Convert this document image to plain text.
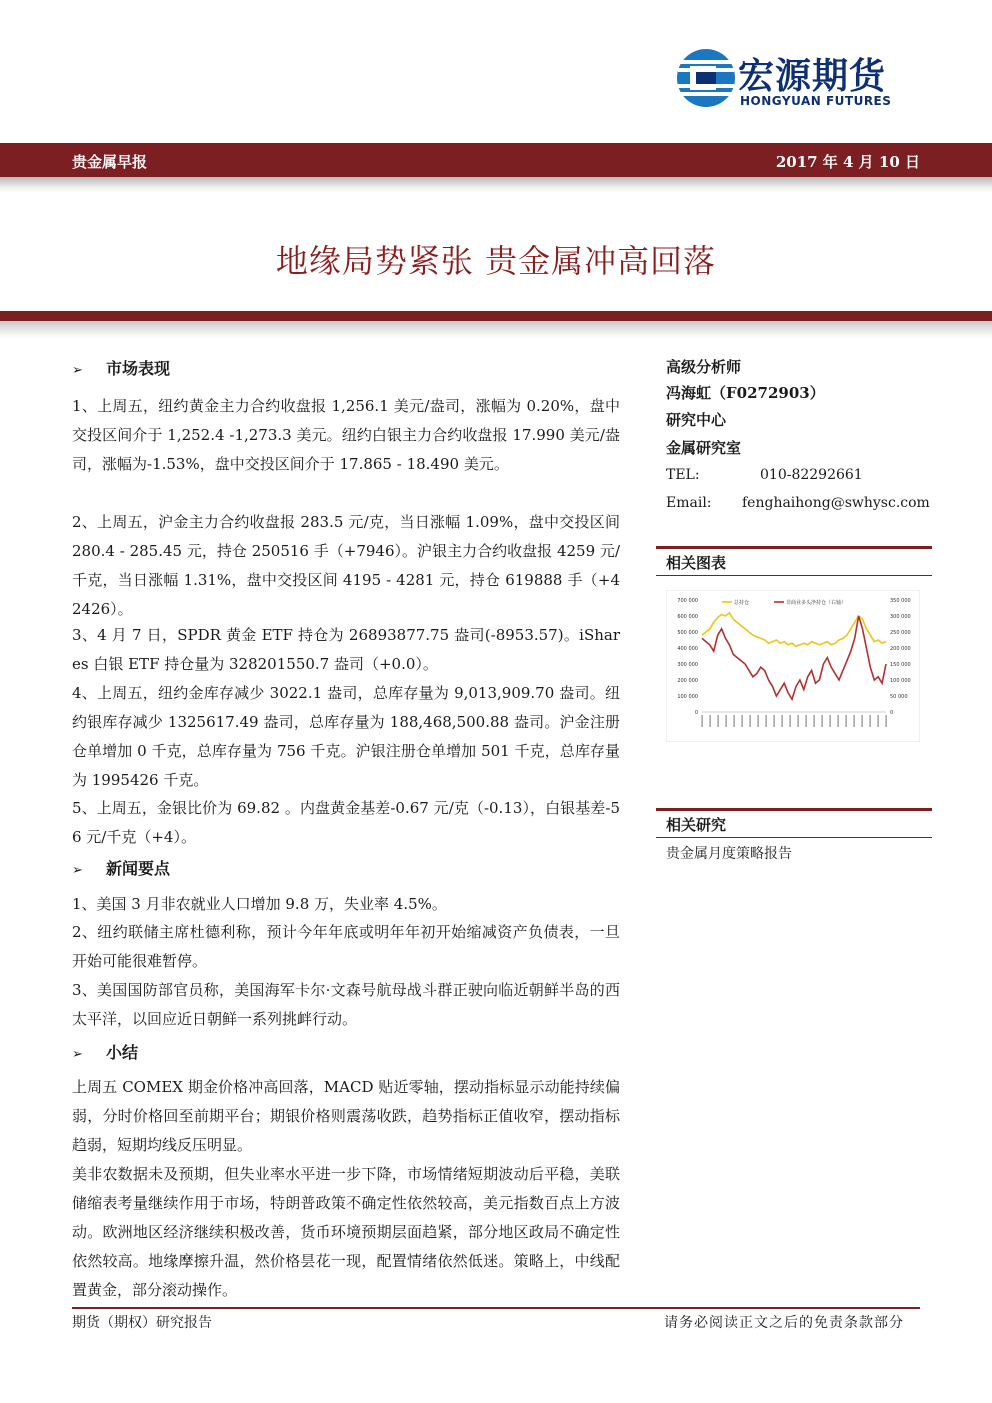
宏源期货
HONGYUAN FUTURES
贵金属早报	2017 年 4 月 10 日
地缘局势紧张 贵金属冲高回落
➢ 市场表现
1、上周五，纽约黄金主力合约收盘报 1,256.1 美元/盎司，涨幅为 0.20%，盘中交投区间介于 1,252.4 -1,273.3 美元。纽约白银主力合约收盘报 17.990 美元/盎司，涨幅为-1.53%，盘中交投区间介于 17.865 - 18.490 美元。
2、上周五，沪金主力合约收盘报 283.5 元/克，当日涨幅 1.09%，盘中交投区间 280.4 - 285.45 元，持仓 250516 手（+7946）。沪银主力合约收盘报 4259 元/千克，当日涨幅 1.31%，盘中交投区间 4195 - 4281 元，持仓 619888 手（+42426）。
3、4 月 7 日，SPDR 黄金 ETF 持仓为 26893877.75 盎司(-8953.57)。iShares 白银 ETF 持仓量为 328201550.7 盎司（+0.0）。
4、上周五，纽约金库存减少 3022.1 盎司，总库存量为 9,013,909.70 盎司。纽约银库存减少 1325617.49 盎司，总库存量为 188,468,500.88 盎司。沪金注册仓单增加 0 千克，总库存量为 756 千克。沪银注册仓单增加 501 千克，总库存量为 1995426 千克。
5、上周五，金银比价为 69.82 。内盘黄金基差-0.67 元/克（-0.13），白银基差-56 元/千克（+4）。
➢ 新闻要点
1、美国 3 月非农就业人口增加 9.8 万，失业率 4.5%。
2、纽约联储主席杜德利称，预计今年年底或明年年初开始缩减资产负债表，一旦开始可能很难暂停。
3、美国国防部官员称，美国海军卡尔·文森号航母战斗群正驶向临近朝鲜半岛的西太平洋，以回应近日朝鲜一系列挑衅行动。
➢ 小结
上周五 COMEX 期金价格冲高回落，MACD 贴近零轴，摆动指标显示动能持续偏弱，分时价格回至前期平台；期银价格则震荡收跌，趋势指标正值收窄，摆动指标趋弱，短期均线反压明显。
美非农数据未及预期，但失业率水平进一步下降，市场情绪短期波动后平稳，美联储缩表考量继续作用于市场，特朗普政策不确定性依然较高，美元指数百点上方波动。欧洲地区经济继续积极改善，货币环境预期层面趋紧，部分地区政局不确定性依然较高。地缘摩擦升温，然价格昙花一现，配置情绪依然低迷。策略上，中线配置黄金，部分滚动操作。
高级分析师
冯海虹（F0272903）
研究中心
金属研究室
TEL:	010-82292661
Email: fenghaihong@swhysc.com
相关图表
700 000
600 000
500 000
400 000
300 000
200 000
100 000
0
350 000
300 000
250 000
200 000
150 000
100 000
50 000
0
总持仓	非商业多头净持仓（右轴）
相关研究
贵金属月度策略报告
期货（期权）研究报告	请务必阅读正文之后的免责条款部分
